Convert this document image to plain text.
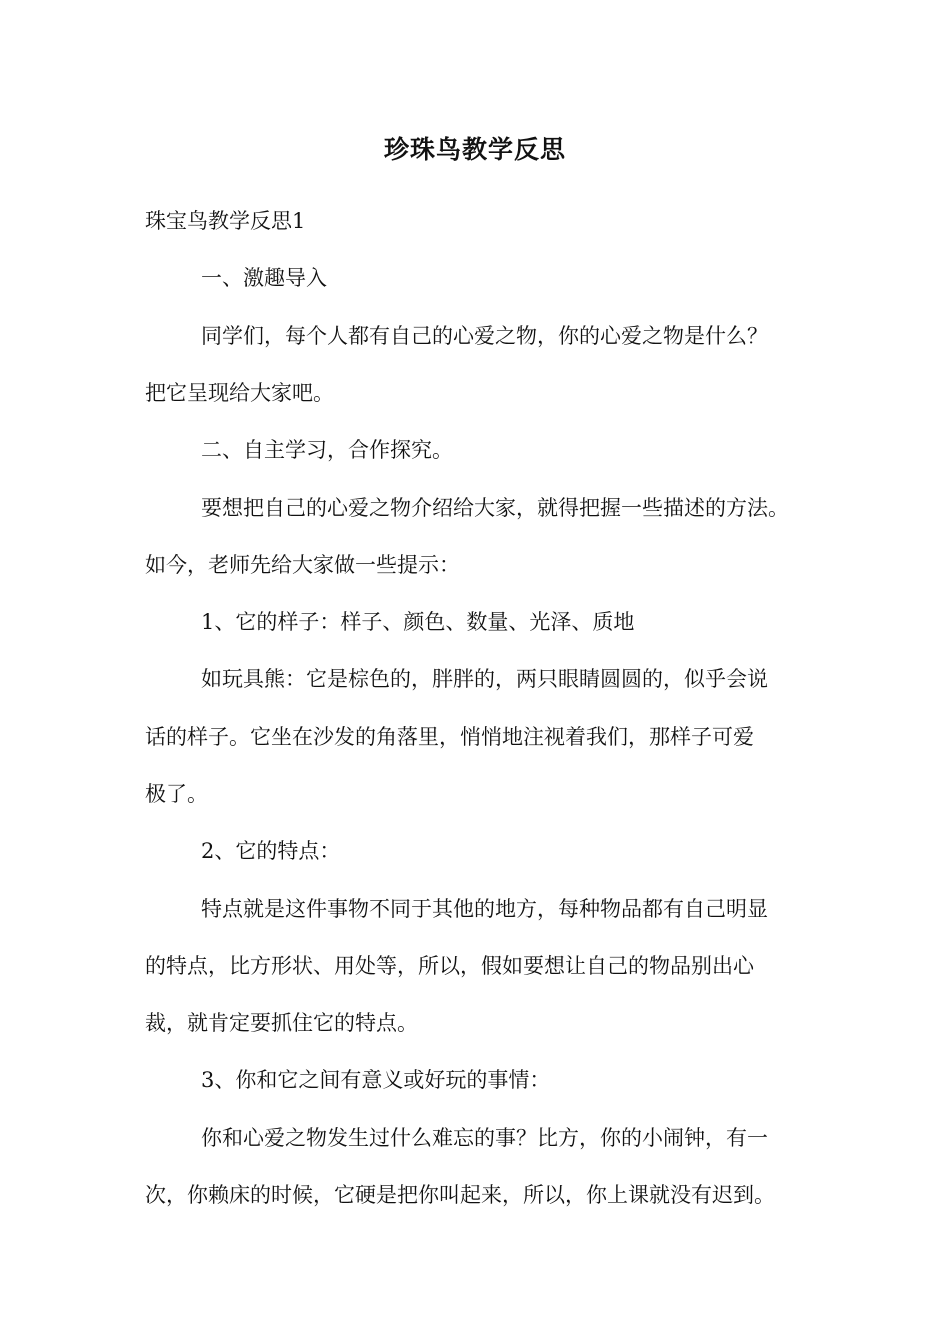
珍珠鸟教学反思
珠宝鸟教学反思1
一、激趣导入
同学们，每个人都有自己的心爱之物，你的心爱之物是什么？
把它呈现给大家吧。
二、自主学习，合作探究。
要想把自己的心爱之物介绍给大家，就得把握一些描述的方法。
如今，老师先给大家做一些提示：
1、它的样子：样子、颜色、数量、光泽、质地
如玩具熊：它是棕色的，胖胖的，两只眼睛圆圆的，似乎会说
话的样子。它坐在沙发的角落里，悄悄地注视着我们，那样子可爱
极了。
2、它的特点：
特点就是这件事物不同于其他的地方，每种物品都有自己明显
的特点，比方形状、用处等，所以，假如要想让自己的物品别出心
裁，就肯定要抓住它的特点。
3、你和它之间有意义或好玩的事情：
你和心爱之物发生过什么难忘的事？比方，你的小闹钟，有一
次，你赖床的时候，它硬是把你叫起来，所以，你上课就没有迟到。
